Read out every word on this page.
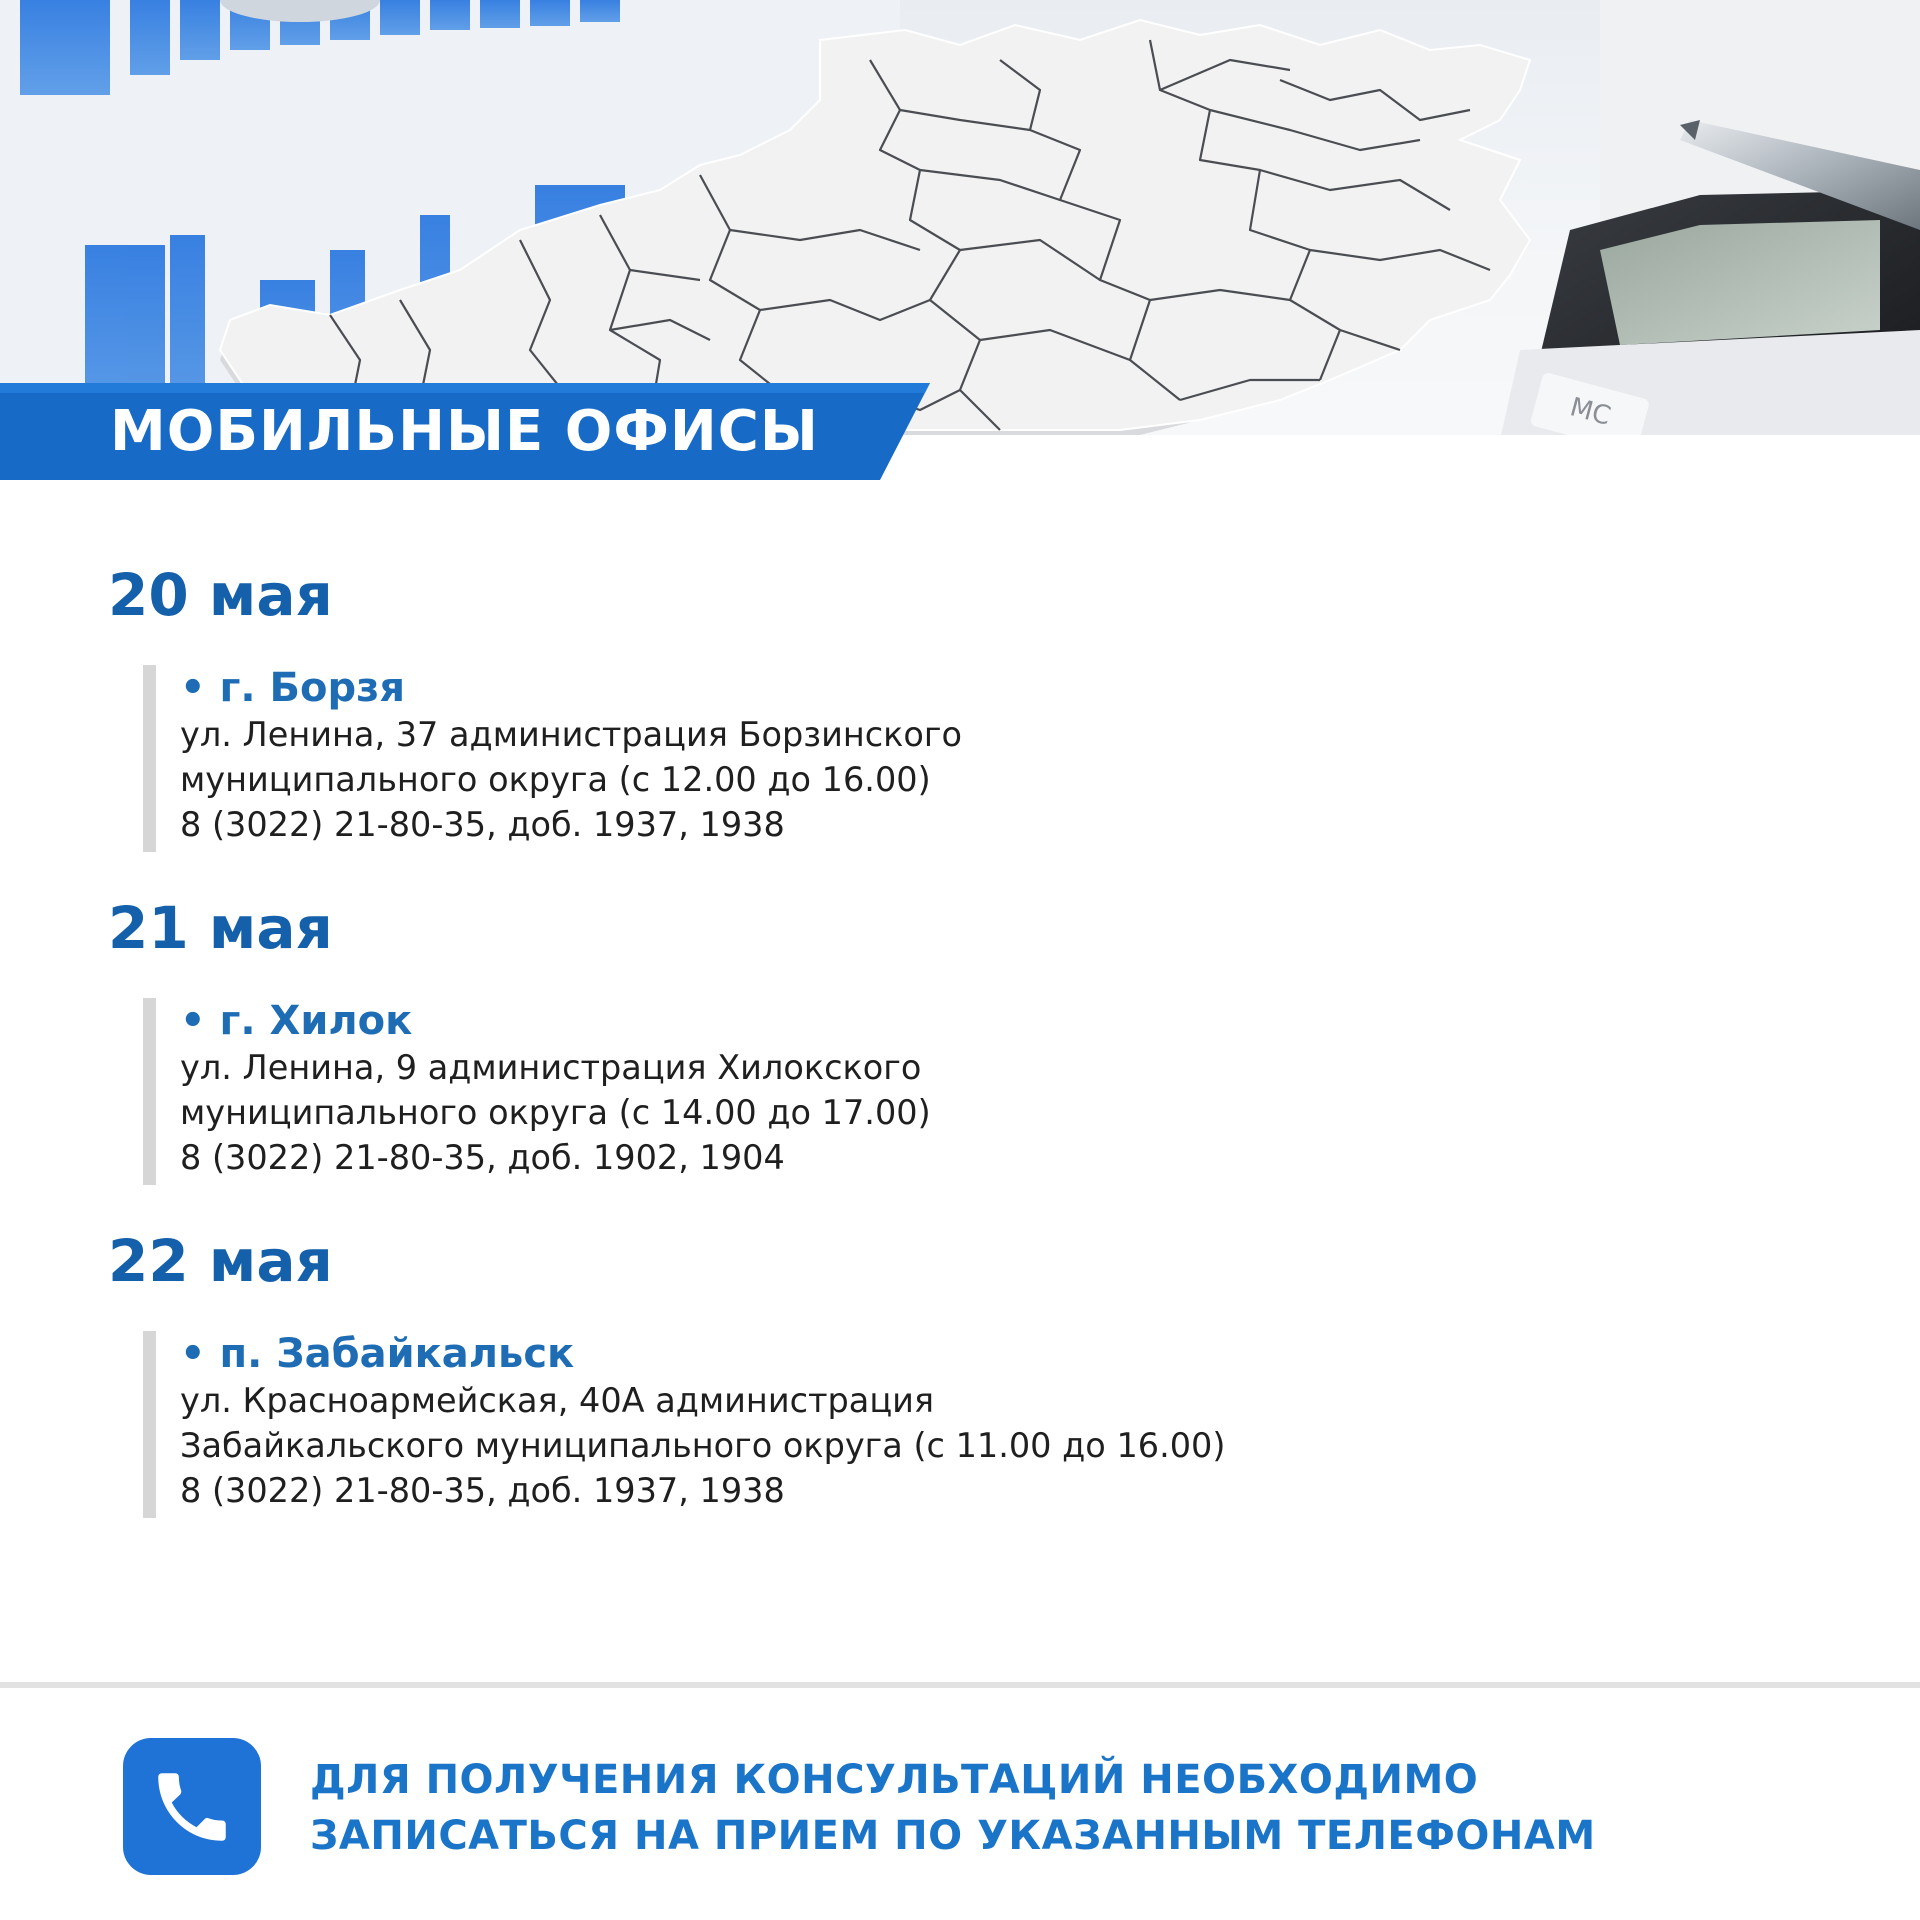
MC
МОБИЛЬНЫЕ ОФИСЫ
20 мая
• г. Борзя
ул. Ленина, 37 администрация Борзинского
муниципального округа (с 12.00 до 16.00)
8 (3022) 21-80-35, доб. 1937, 1938
21 мая
• г. Хилок
ул. Ленина, 9 администрация Хилокского
муниципального округа (с 14.00 до 17.00)
8 (3022) 21-80-35, доб. 1902, 1904
22 мая
• п. Забайкальск
ул. Красноармейская, 40А администрация
Забайкальского муниципального округа (с 11.00 до 16.00)
8 (3022) 21-80-35, доб. 1937, 1938
ДЛЯ ПОЛУЧЕНИЯ КОНСУЛЬТАЦИЙ НЕОБХОДИМО
ЗАПИСАТЬСЯ НА ПРИЕМ ПО УКАЗАННЫМ ТЕЛЕФОНАМ
